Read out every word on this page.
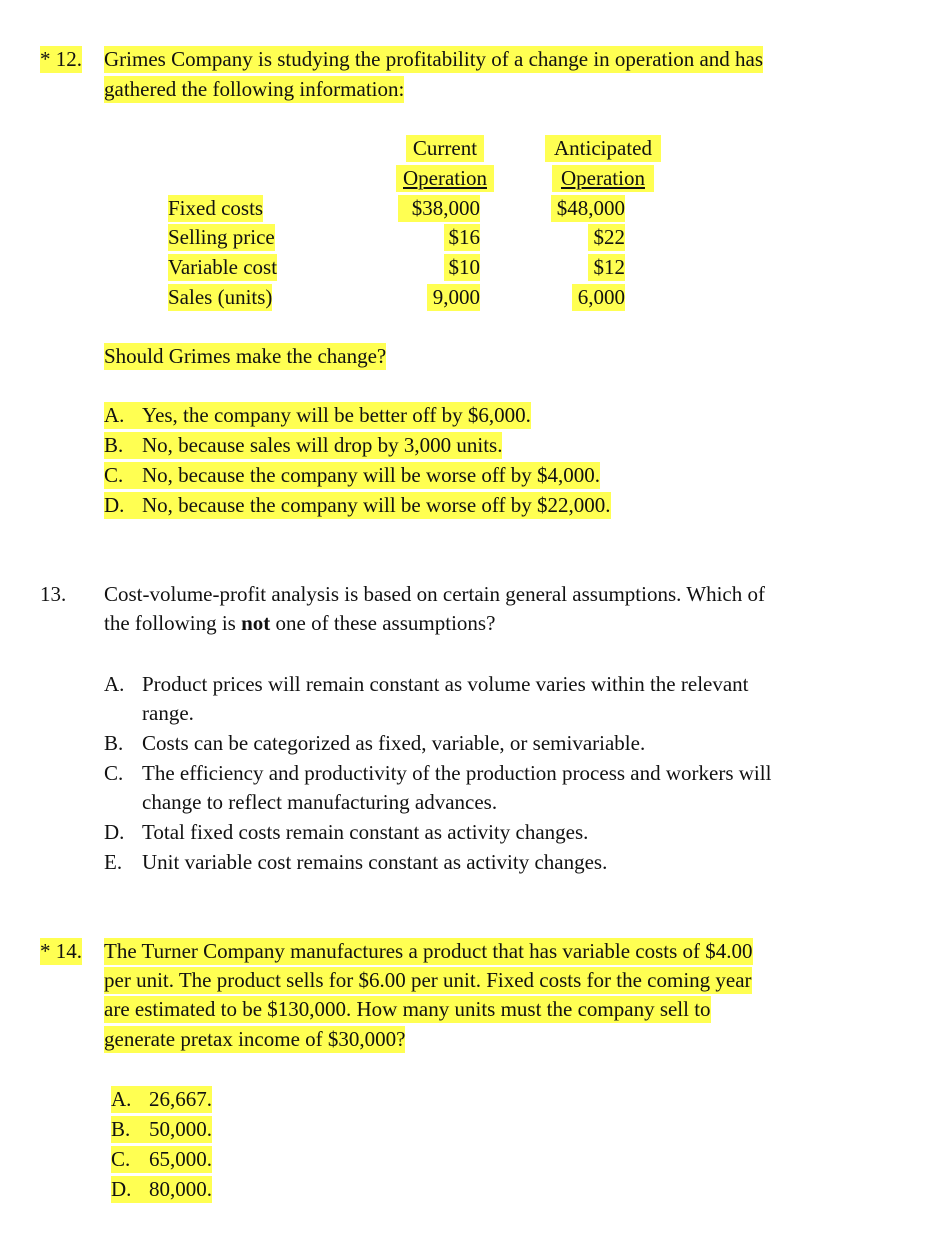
* 12. Grimes Company is studying the profitability of a change in operation and has
gathered the following information:
Current
Operation
Anticipated
Operation
Fixed costs	$38,000	$48,000
Selling price	$16	$22
Variable cost	$10	$12
Sales (units)	9,000	6,000
Should Grimes make the change?
A. Yes, the company will be better off by $6,000.
B. No, because sales will drop by 3,000 units.
C. No, because the company will be worse off by $4,000.
D. No, because the company will be worse off by $22,000.
13. Cost-volume-profit analysis is based on certain general assumptions. Which of
the following is not one of these assumptions?
A. Product prices will remain constant as volume varies within the relevant
range.
B. Costs can be categorized as fixed, variable, or semivariable.
C. The efficiency and productivity of the production process and workers will
change to reflect manufacturing advances.
D. Total fixed costs remain constant as activity changes.
E. Unit variable cost remains constant as activity changes.
* 14. The Turner Company manufactures a product that has variable costs of $4.00
per unit. The product sells for $6.00 per unit. Fixed costs for the coming year
are estimated to be $130,000. How many units must the company sell to
generate pretax income of $30,000?
A. 26,667.
B. 50,000.
C. 65,000.
D. 80,000.
